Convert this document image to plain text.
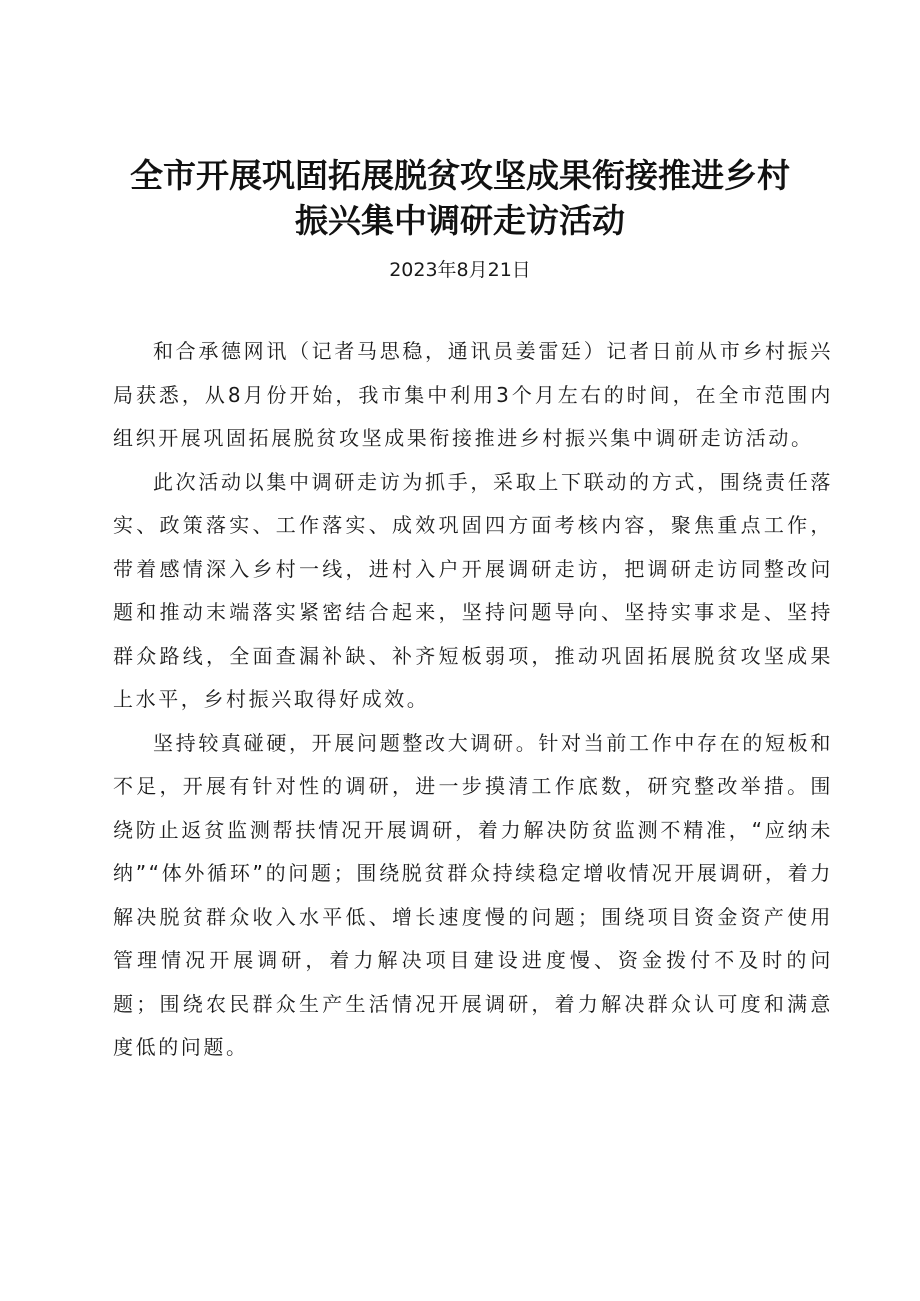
全市开展巩固拓展脱贫攻坚成果衔接推进乡村
振兴集中调研走访活动
2023年8月21日

和合承德网讯（记者马思稳，通讯员姜雷廷）记者日前从市乡村振兴局获悉，从8月份开始，我市集中利用3个月左右的时间，在全市范围内组织开展巩固拓展脱贫攻坚成果衔接推进乡村振兴集中调研走访活动。

此次活动以集中调研走访为抓手，采取上下联动的方式，围绕责任落实、政策落实、工作落实、成效巩固四方面考核内容，聚焦重点工作，带着感情深入乡村一线，进村入户开展调研走访，把调研走访同整改问题和推动末端落实紧密结合起来，坚持问题导向、坚持实事求是、坚持群众路线，全面查漏补缺、补齐短板弱项，推动巩固拓展脱贫攻坚成果上水平，乡村振兴取得好成效。

坚持较真碰硬，开展问题整改大调研。针对当前工作中存在的短板和不足，开展有针对性的调研，进一步摸清工作底数，研究整改举措。围绕防止返贫监测帮扶情况开展调研，着力解决防贫监测不精准，“应纳未纳”“体外循环”的问题；围绕脱贫群众持续稳定增收情况开展调研，着力解决脱贫群众收入水平低、增长速度慢的问题；围绕项目资金资产使用管理情况开展调研，着力解决项目建设进度慢、资金拨付不及时的问题；围绕农民群众生产生活情况开展调研，着力解决群众认可度和满意度低的问题。
